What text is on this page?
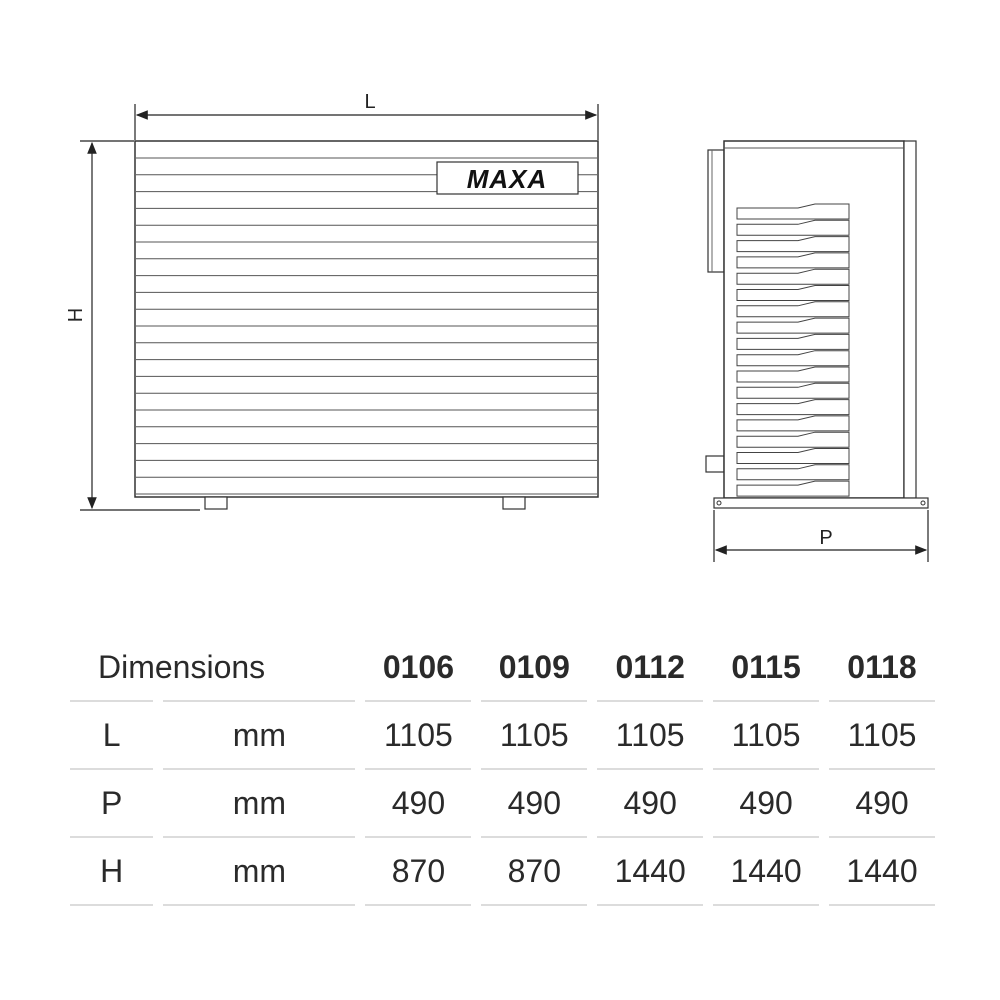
L
H
MAXA
P
Dimensions		0106	0109	0112	0115	0118
L	mm	1105	1105	1105	1105	1105
P	mm	490	490	490	490	490
H	mm	870	870	1440	1440	1440
